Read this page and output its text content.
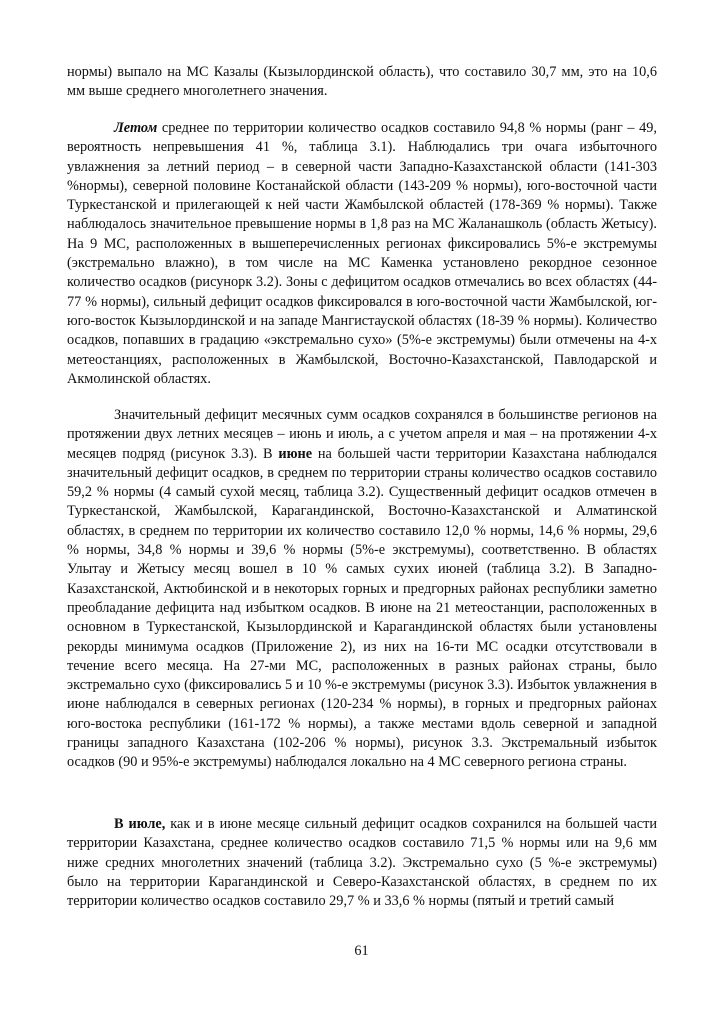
нормы) выпало на МС Казалы (Кызылординской область), что составило 30,7 мм, это на 10,6 мм выше среднего многолетнего значения.

Летом среднее по территории количество осадков составило 94,8 % нормы (ранг – 49, вероятность непревышения 41 %, таблица 3.1). Наблюдались три очага избыточного увлажнения за летний период – в северной части Западно-Казахстанской области (141-303 %нормы), северной половине Костанайской области (143-209 % нормы), юго-восточной части Туркестанской и прилегающей к ней части Жамбылской областей (178-369 % нормы). Также наблюдалось значительное превышение нормы в 1,8 раз на МС Жаланашколь (область Жетысу). На 9 МС, расположенных в вышеперечисленных регионах фиксировались 5%-е экстремумы (экстремально влажно), в том числе на МС Каменка установлено рекордное сезонное количество осадков (рисунорк 3.2). Зоны с дефицитом осадков отмечались во всех областях (44-77 % нормы), сильный дефицит осадков фиксировался в юго-восточной части Жамбылской, юг-юго-восток Кызылординской и на западе Мангистауской областях (18-39 % нормы). Количество осадков, попавших в градацию «экстремально сухо» (5%-е экстремумы) были отмечены на 4-х метеостанциях, расположенных в Жамбылской, Восточно-Казахстанской, Павлодарской и Акмолинской областях.

Значительный дефицит месячных сумм осадков сохранялся в большинстве регионов на протяжении двух летних месяцев – июнь и июль, а с учетом апреля и мая – на протяжении 4-х месяцев подряд (рисунок 3.3). В июне на большей части территории Казахстана наблюдался значительный дефицит осадков, в среднем по территории страны количество осадков составило 59,2 % нормы (4 самый сухой месяц, таблица 3.2). Существенный дефицит осадков отмечен в Туркестанской, Жамбылской, Карагандинской, Восточно-Казахстанской и Алматинской областях, в среднем по территории их количество составило 12,0 % нормы, 14,6 % нормы, 29,6 % нормы, 34,8 % нормы и 39,6 % нормы (5%-е экстремумы), соответственно. В областях Улытау и Жетысу месяц вошел в 10 % самых сухих июней (таблица 3.2). В Западно-Казахстанской, Актюбинской и в некоторых горных и предгорных районах республики заметно преобладание дефицита над избытком осадков. В июне на 21 метеостанции, расположенных в основном в Туркестанской, Кызылординской и Карагандинской областях были установлены рекорды минимума осадков (Приложение 2), из них на 16-ти МС осадки отсутствовали в течение всего месяца. На 27-ми МС, расположенных в разных районах страны, было экстремально сухо (фиксировались 5 и 10 %-е экстремумы (рисунок 3.3). Избыток увлажнения в июне наблюдался в северных регионах (120-234 % нормы), в горных и предгорных районах юго-востока республики (161-172 % нормы), а также местами вдоль северной и западной границы западного Казахстана (102-206 % нормы), рисунок 3.3. Экстремальный избыток осадков (90 и 95%-е экстремумы) наблюдался локально на 4 МС северного региона страны.

В июле, как и в июне месяце сильный дефицит осадков сохранился на большей части территории Казахстана, среднее количество осадков составило 71,5 % нормы или на 9,6 мм ниже средних многолетних значений (таблица 3.2). Экстремально сухо (5 %-е экстремумы) было на территории Карагандинской и Северо-Казахстанской областях, в среднем по их территории количество осадков составило 29,7 % и 33,6 % нормы (пятый и третий самый

61
